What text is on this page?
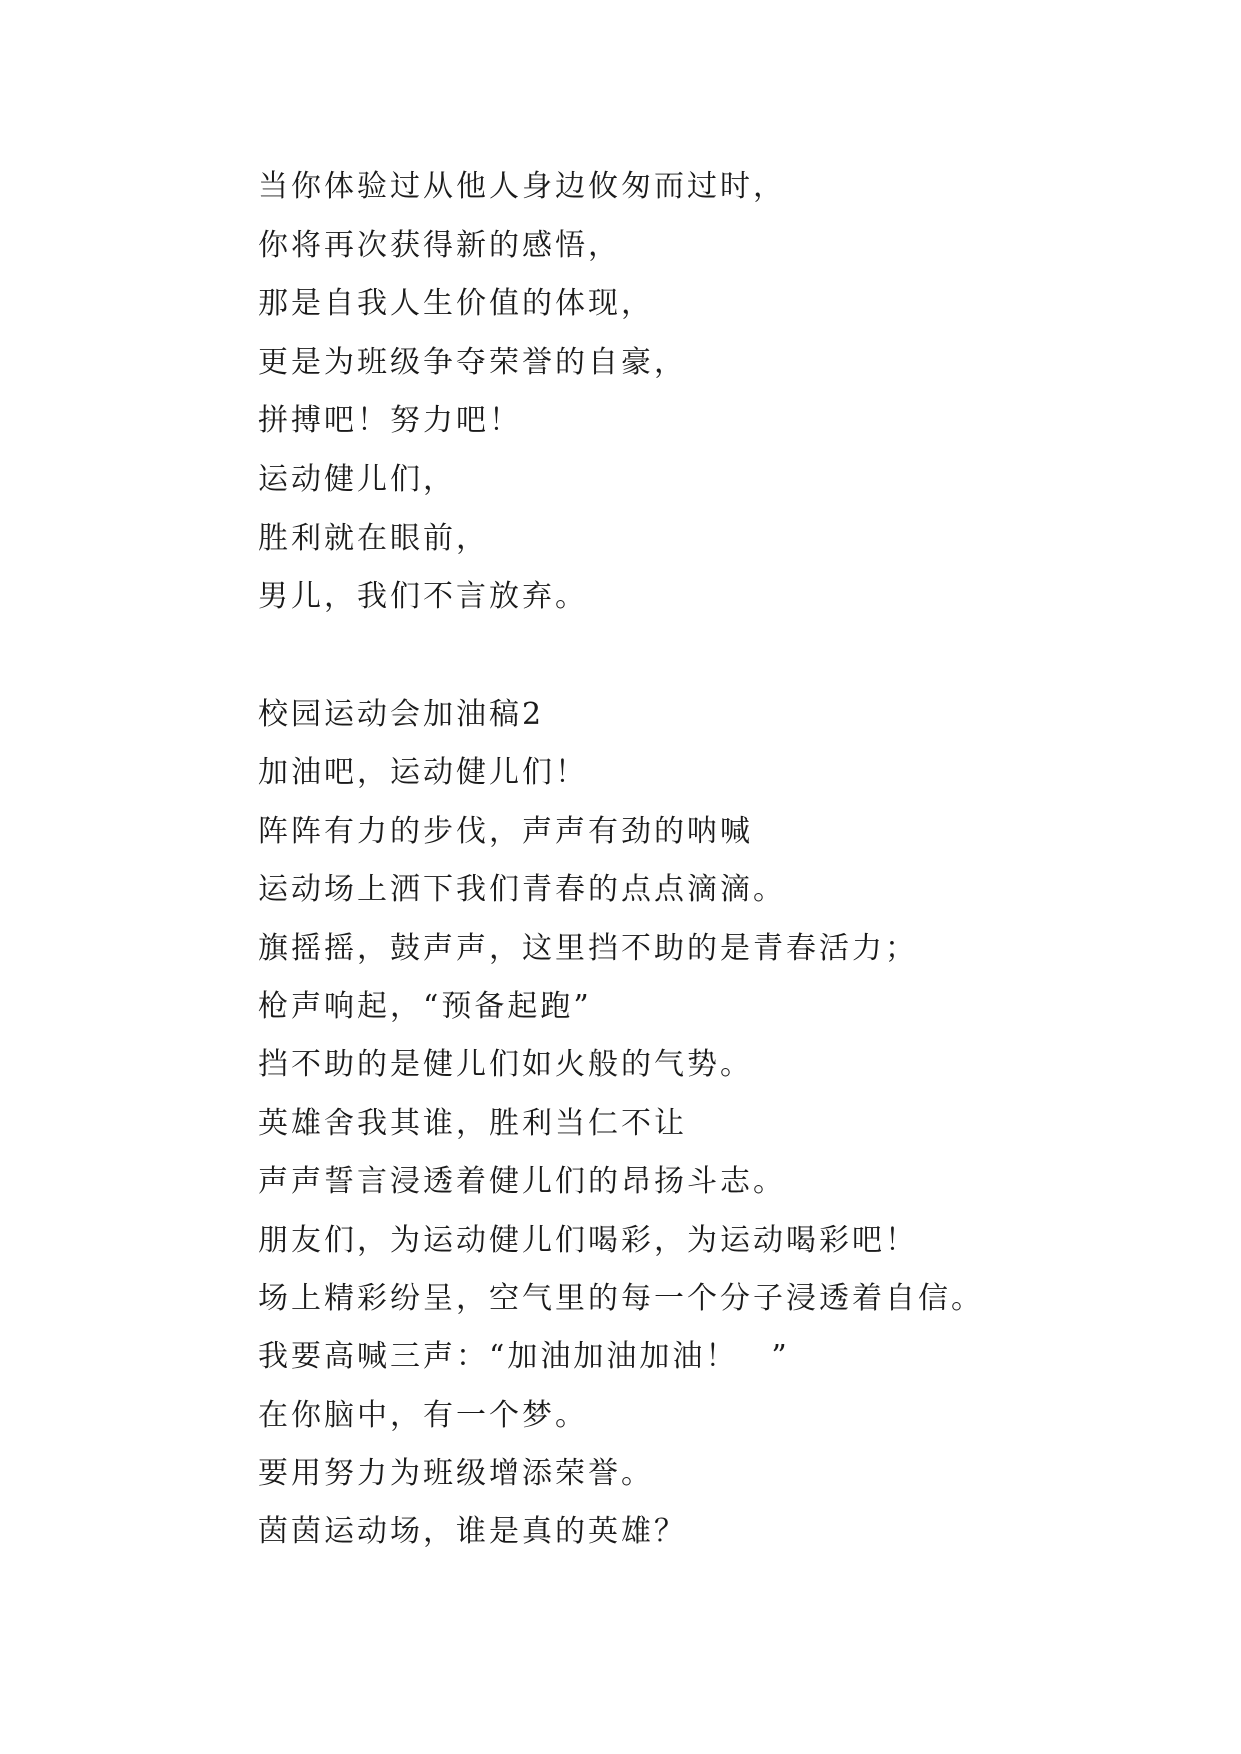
当你体验过从他人身边攸匆而过时，
你将再次获得新的感悟，
那是自我人生价值的体现，
更是为班级争夺荣誉的自豪，
拼搏吧！努力吧！
运动健儿们，
胜利就在眼前，
男儿，我们不言放弃。
校园运动会加油稿2
加油吧，运动健儿们！
阵阵有力的步伐，声声有劲的呐喊
运动场上洒下我们青春的点点滴滴。
旗摇摇，鼓声声，这里挡不助的是青春活力；
枪声响起，“预备起跑”
挡不助的是健儿们如火般的气势。
英雄舍我其谁，胜利当仁不让
声声誓言浸透着健儿们的昂扬斗志。
朋友们，为运动健儿们喝彩，为运动喝彩吧！
场上精彩纷呈，空气里的每一个分子浸透着自信。
我要高喊三声：“加油加油加油！　”
在你脑中，有一个梦。
要用努力为班级增添荣誉。
茵茵运动场，谁是真的英雄？
